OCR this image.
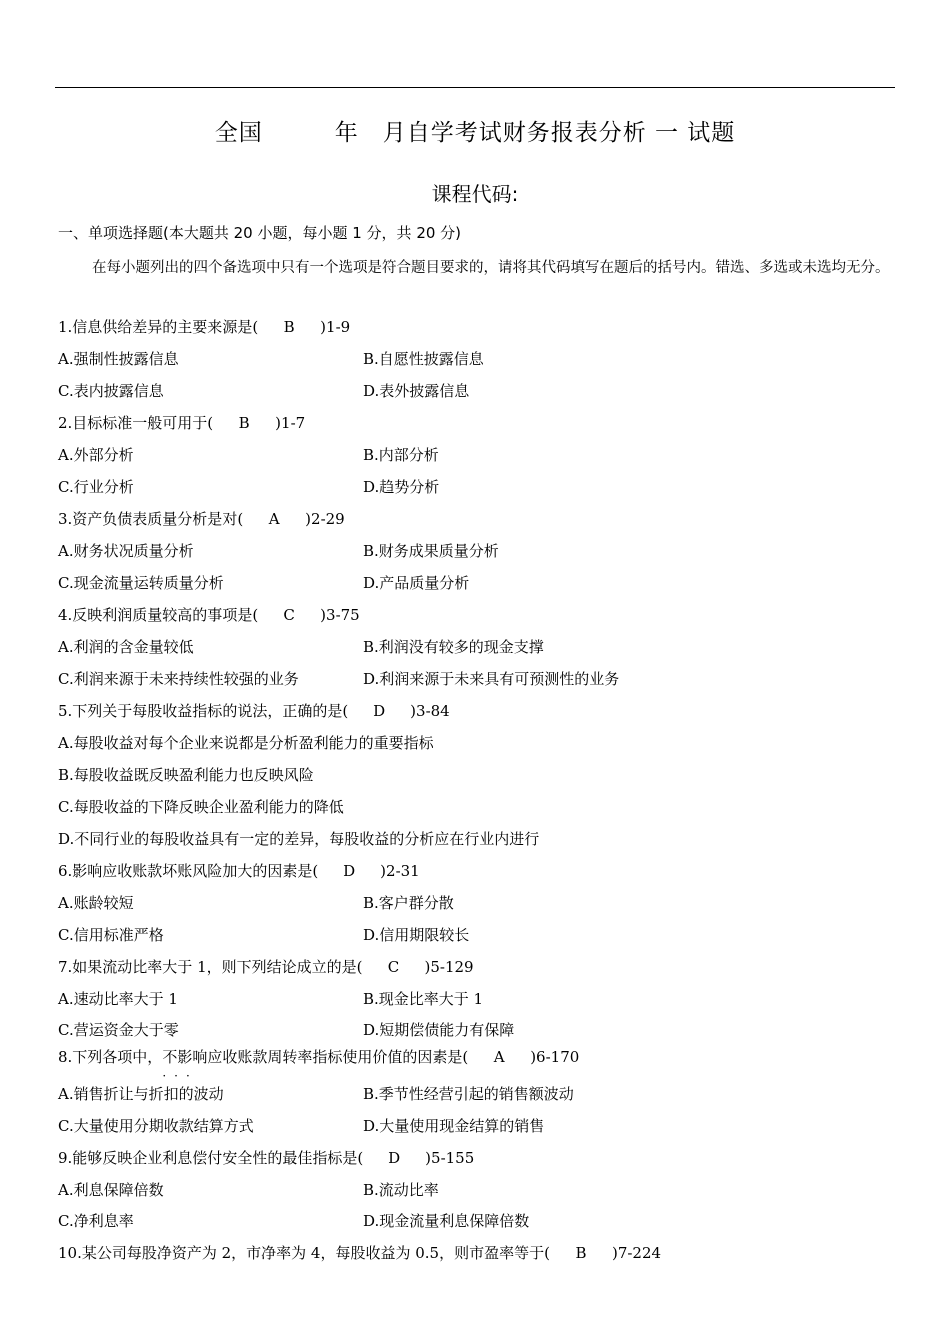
全国　　　年　月自学考试财务报表分析 一 试题
课程代码:
一、单项选择题(本大题共 20 小题，每小题 1 分，共 20 分)
在每小题列出的四个备选项中只有一个选项是符合题目要求的，请将其代码填写在题后的括号内。错选、多选或未选均无分。
1.信息供给差异的主要来源是( B )1-9
A.强制性披露信息	B.自愿性披露信息
C.表内披露信息	D.表外披露信息
2.目标标准一般可用于( B )1-7
A.外部分析	B.内部分析
C.行业分析	D.趋势分析
3.资产负债表质量分析是对( A )2-29
A.财务状况质量分析	B.财务成果质量分析
C.现金流量运转质量分析	D.产品质量分析
4.反映利润质量较高的事项是( C )3-75
A.利润的含金量较低	B.利润没有较多的现金支撑
C.利润来源于未来持续性较强的业务	D.利润来源于未来具有可预测性的业务
5.下列关于每股收益指标的说法，正确的是( D )3-84
A.每股收益对每个企业来说都是分析盈利能力的重要指标
B.每股收益既反映盈利能力也反映风险
C.每股收益的下降反映企业盈利能力的降低
D.不同行业的每股收益具有一定的差异，每股收益的分析应在行业内进行
6.影响应收账款坏账风险加大的因素是( D )2-31
A.账龄较短	B.客户群分散
C.信用标准严格	D.信用期限较长
7.如果流动比率大于 1，则下列结论成立的是( C )5-129
A.速动比率大于 1	B.现金比率大于 1
C.营运资金大于零	D.短期偿债能力有保障
8.下列各项中，不影响
···
应收账款周转率指标使用价值的因素是( A )6-170
A.销售折让与折扣的波动	B.季节性经营引起的销售额波动
C.大量使用分期收款结算方式	D.大量使用现金结算的销售
9.能够反映企业利息偿付安全性的最佳指标是( D )5-155
A.利息保障倍数	B.流动比率
C.净利息率	D.现金流量利息保障倍数
10.某公司每股净资产为 2，市净率为 4，每股收益为 0.5，则市盈率等于( B )7-224
